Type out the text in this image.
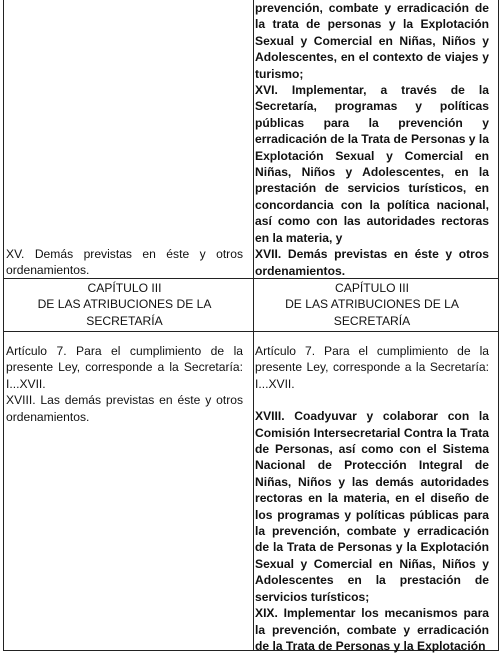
XV. Demás previstas en éste y otros ordenamientos.

prevención, combate y erradicación de la trata de personas y la Explotación Sexual y Comercial en Niñas, Niños y Adolescentes, en el contexto de viajes y turismo;

XVI. Implementar, a través de la Secretaría, programas y políticas públicas para la prevención y erradicación de la Trata de Personas y la Explotación Sexual y Comercial en Niñas, Niños y Adolescentes, en la prestación de servicios turísticos, en concordancia con la política nacional, así como con las autoridades rectoras en la materia, y

XVII. Demás previstas en éste y otros ordenamientos.

CAPÍTULO III

DE LAS ATRIBUCIONES DE LA

SECRETARÍA

CAPÍTULO III

DE LAS ATRIBUCIONES DE LA

SECRETARÍA

Artículo 7. Para el cumplimiento de la presente Ley, corresponde a la Secretaría: I...XVII.

XVIII. Las demás previstas en éste y otros ordenamientos.

Artículo 7. Para el cumplimiento de la presente Ley, corresponde a la Secretaría: I...XVII.

XVIII. Coadyuvar y colaborar con la Comisión Intersecretarial Contra la Trata de Personas, así como con el Sistema Nacional de Protección Integral de Niñas, Niños y las demás autoridades rectoras en la materia, en el diseño de los programas y políticas públicas para la prevención, combate y erradicación de la Trata de Personas y la Explotación Sexual y Comercial en Niñas, Niños y Adolescentes en la prestación de servicios turísticos;

XIX. Implementar los mecanismos para la prevención, combate y erradicación de la Trata de Personas y la Explotación
